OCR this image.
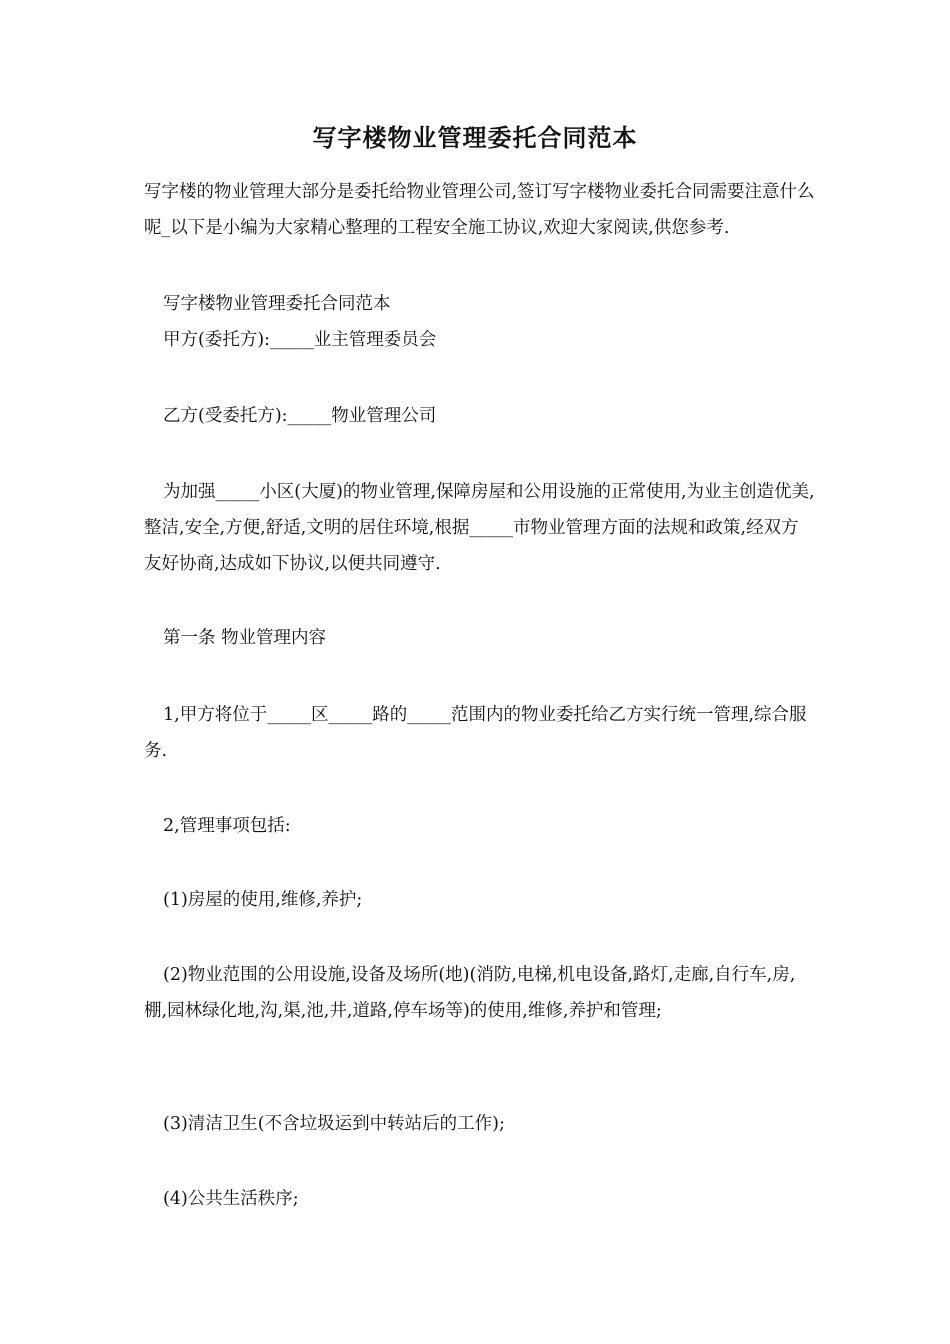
写字楼物业管理委托合同范本

写字楼的物业管理大部分是委托给物业管理公司,签订写字楼物业委托合同需要注意什么呢_以下是小编为大家精心整理的工程安全施工协议,欢迎大家阅读,供您参考.

写字楼物业管理委托合同范本

甲方(委托方):_____业主管理委员会

乙方(受委托方):_____物业管理公司

为加强_____小区(大厦)的物业管理,保障房屋和公用设施的正常使用,为业主创造优美,整洁,安全,方便,舒适,文明的居住环境,根据_____市物业管理方面的法规和政策,经双方友好协商,达成如下协议,以便共同遵守.

第一条 物业管理内容

1,甲方将位于_____区_____路的_____范围内的物业委托给乙方实行统一管理,综合服务.

2,管理事项包括:

(1)房屋的使用,维修,养护;

(2)物业范围的公用设施,设备及场所(地)(消防,电梯,机电设备,路灯,走廊,自行车,房,棚,园林绿化地,沟,渠,池,井,道路,停车场等)的使用,维修,养护和管理;

(3)清洁卫生(不含垃圾运到中转站后的工作);

(4)公共生活秩序;
